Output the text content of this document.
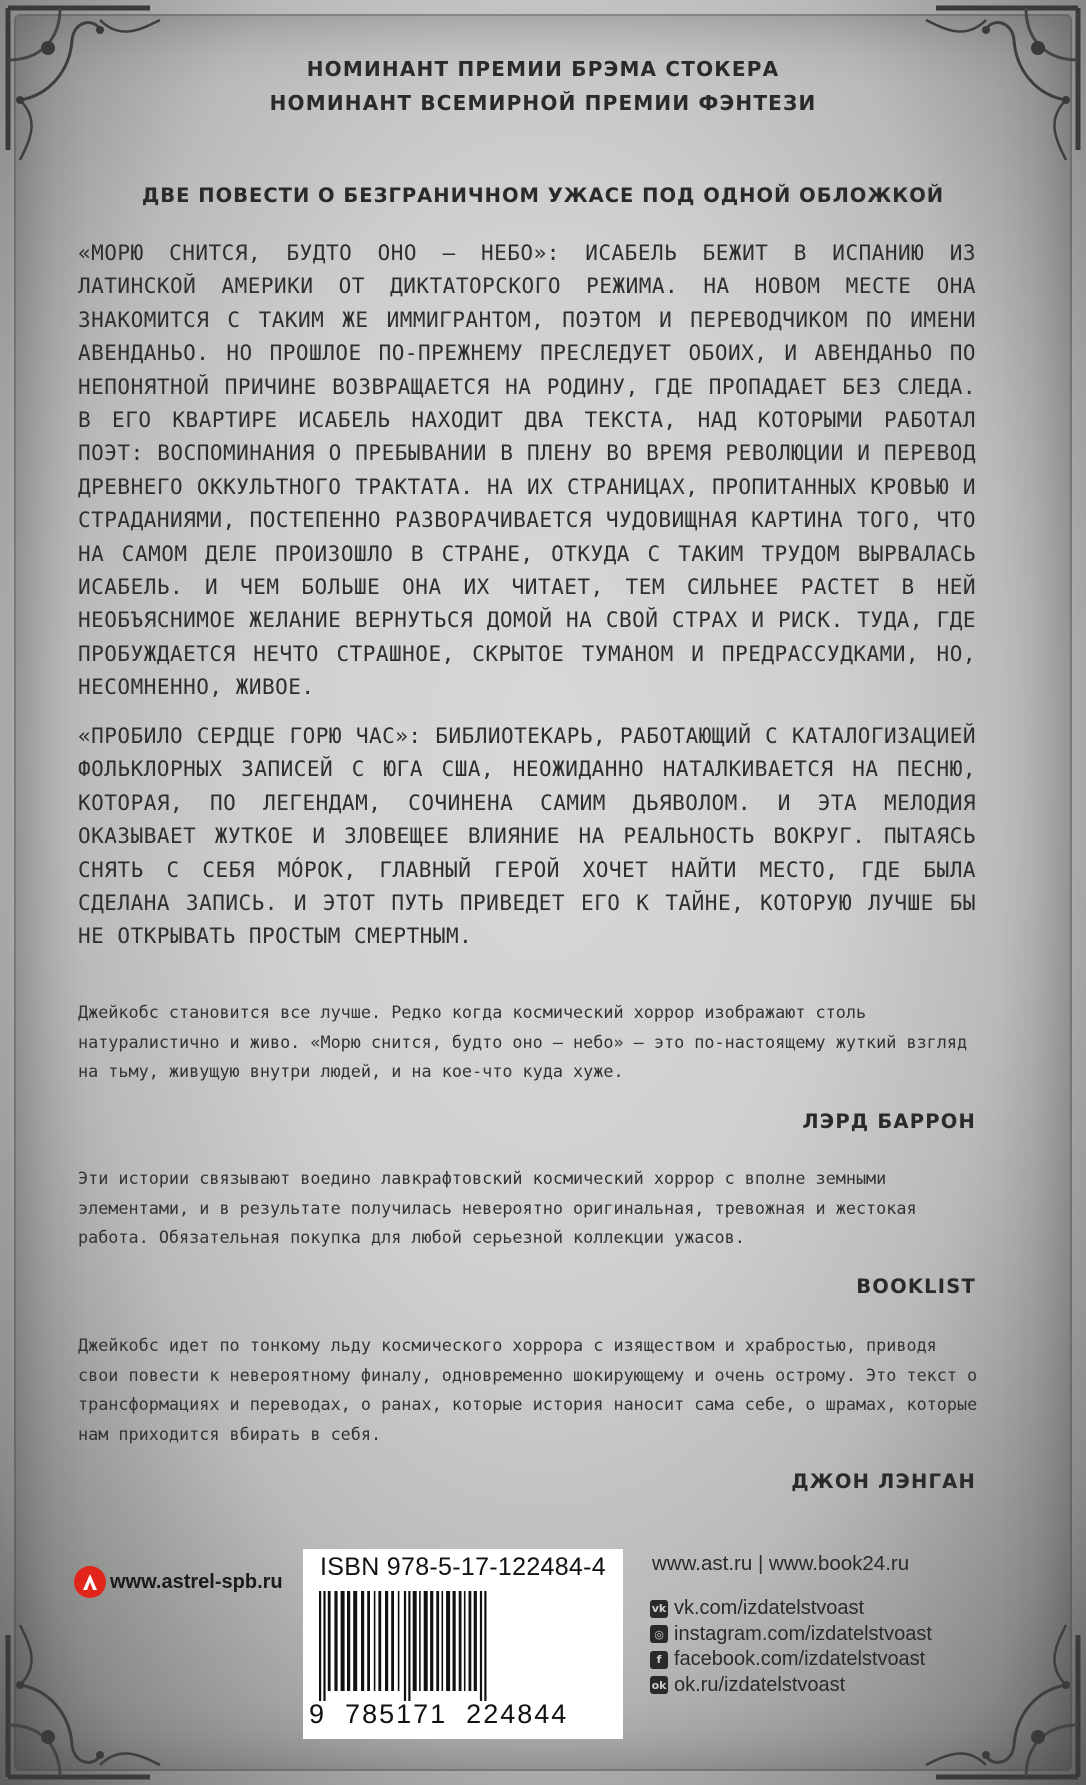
НОМИНАНТ ПРЕМИИ БРЭМА СТОКЕРА
НОМИНАНТ ВСЕМИРНОЙ ПРЕМИИ ФЭНТЕЗИ
ДВЕ ПОВЕСТИ О БЕЗГРАНИЧНОМ УЖАСЕ ПОД ОДНОЙ ОБЛОЖКОЙ
«МОРЮ СНИТСЯ, БУДТО ОНО – НЕБО»: ИСАБЕЛЬ БЕЖИТ В ИСПАНИЮ ИЗ ЛАТИНСКОЙ АМЕРИКИ ОТ ДИКТАТОРСКОГО РЕЖИМА. НА НОВОМ МЕСТЕ ОНА ЗНАКОМИТСЯ С ТАКИМ ЖЕ ИММИГРАНТОМ, ПОЭТОМ И ПЕРЕВОДЧИКОМ ПО ИМЕНИ АВЕНДАНЬО. НО ПРОШЛОЕ ПО-ПРЕЖНЕМУ ПРЕСЛЕДУЕТ ОБОИХ, И АВЕНДАНЬО ПО НЕПОНЯТНОЙ ПРИЧИНЕ ВОЗВРАЩАЕТСЯ НА РОДИНУ, ГДЕ ПРОПАДАЕТ БЕЗ СЛЕДА. В ЕГО КВАРТИРЕ ИСАБЕЛЬ НАХОДИТ ДВА ТЕКСТА, НАД КОТОРЫМИ РАБОТАЛ ПОЭТ: ВОСПОМИНАНИЯ О ПРЕБЫВАНИИ В ПЛЕНУ ВО ВРЕМЯ РЕВОЛЮЦИИ И ПЕРЕВОД ДРЕВНЕГО ОККУЛЬТНОГО ТРАКТАТА. НА ИХ СТРАНИЦАХ, ПРОПИТАННЫХ КРОВЬЮ И СТРАДАНИЯМИ, ПОСТЕПЕННО РАЗВОРАЧИВАЕТСЯ ЧУДОВИЩНАЯ КАРТИНА ТОГО, ЧТО НА САМОМ ДЕЛЕ ПРОИЗОШЛО В СТРАНЕ, ОТКУДА С ТАКИМ ТРУДОМ ВЫРВАЛАСЬ ИСАБЕЛЬ. И ЧЕМ БОЛЬШЕ ОНА ИХ ЧИТАЕТ, ТЕМ СИЛЬНЕЕ РАСТЕТ В НЕЙ НЕОБЪЯСНИМОЕ ЖЕЛАНИЕ ВЕРНУТЬСЯ ДОМОЙ НА СВОЙ СТРАХ И РИСК. ТУДА, ГДЕ ПРОБУЖДАЕТСЯ НЕЧТО СТРАШНОЕ, СКРЫТОЕ ТУМАНОМ И ПРЕДРАССУДКАМИ, НО, НЕСОМНЕННО, ЖИВОЕ.
«ПРОБИЛО СЕРДЦЕ ГОРЮ ЧАС»: БИБЛИОТЕКАРЬ, РАБОТАЮЩИЙ С КАТАЛОГИЗАЦИЕЙ ФОЛЬКЛОРНЫХ ЗАПИСЕЙ С ЮГА США, НЕОЖИДАННО НАТАЛКИВАЕТСЯ НА ПЕСНЮ, КОТОРАЯ, ПО ЛЕГЕНДАМ, СОЧИНЕНА САМИМ ДЬЯВОЛОМ. И ЭТА МЕЛОДИЯ ОКАЗЫВАЕТ ЖУТКОЕ И ЗЛОВЕЩЕЕ ВЛИЯНИЕ НА РЕАЛЬНОСТЬ ВОКРУГ. ПЫТАЯСЬ СНЯТЬ С СЕБЯ МÓРОК, ГЛАВНЫЙ ГЕРОЙ ХОЧЕТ НАЙТИ МЕСТО, ГДЕ БЫЛА СДЕЛАНА ЗАПИСЬ. И ЭТОТ ПУТЬ ПРИВЕДЕТ ЕГО К ТАЙНЕ, КОТОРУЮ ЛУЧШЕ БЫ НЕ ОТКРЫВАТЬ ПРОСТЫМ СМЕРТНЫМ.
Джейкобс становится все лучше. Редко когда космический хоррор изображают столь натуралистично и живо. «Морю снится, будто оно — небо» — это по-настоящему жуткий взгляд на тьму, живущую внутри людей, и на кое-что куда хуже.
ЛЭРД БАРРОН
Эти истории связывают воедино лавкрафтовский космический хоррор с вполне земными элементами, и в результате получилась невероятно оригинальная, тревожная и жестокая работа. Обязательная покупка для любой серьезной коллекции ужасов.
BOOKLIST
Джейкобс идет по тонкому льду космического хоррора с изяществом и храбростью, приводя свои повести к невероятному финалу, одновременно шокирующему и очень острому. Это текст о трансформациях и переводах, о ранах, которые история наносит сама себе, о шрамах, которые нам приходится вбирать в себя.
ДЖОН ЛЭНГАН
www.astrel-spb.ru
ISBN 978-5-17-122484-4
9 785171 224844
www.ast.ru | www.book24.ru
vk vk.com/izdatelstvoast
◎ instagram.com/izdatelstvoast
f facebook.com/izdatelstvoast
ok ok.ru/izdatelstvoast
